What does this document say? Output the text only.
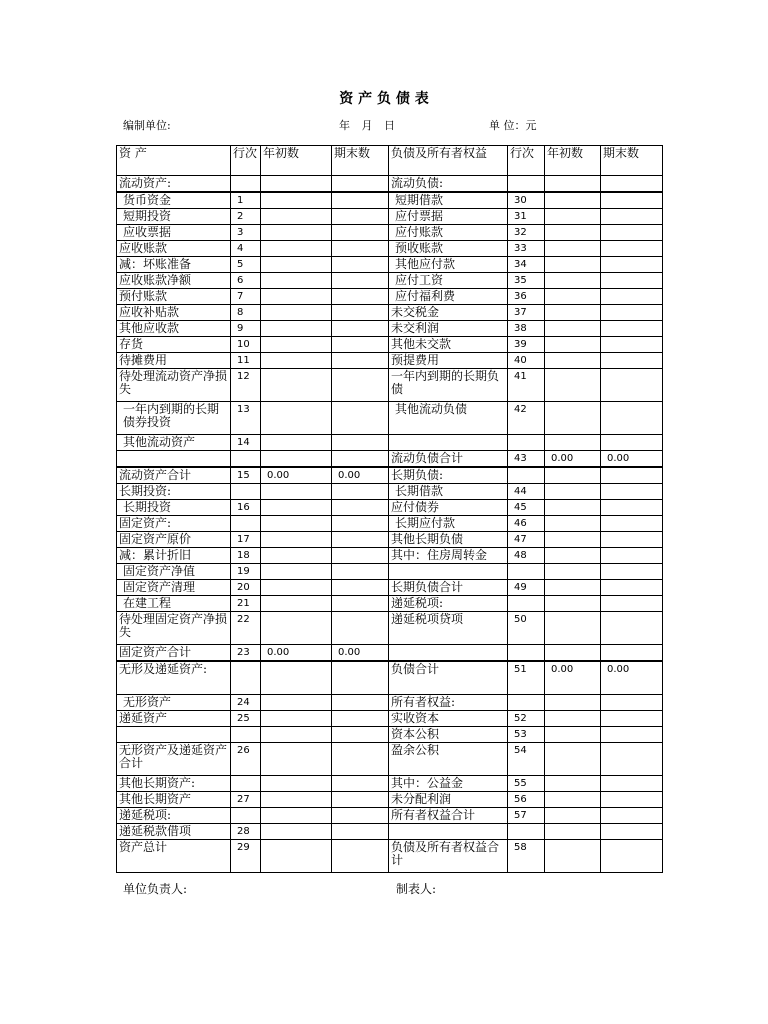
资 产 负 债 表
编制单位:	年 月 日	单 位：元
资 产	行次	年初数	期末数	负债及所有者权益	行次	年初数	期末数
流动资产:				流动负债:			
货币资金	1			短期借款	30		
短期投资	2			应付票据	31		
应收票据	3			应付账款	32		
应收账款	4			预收账款	33		
减：坏账准备	5			其他应付款	34		
应收账款净额	6			应付工资	35		
预付账款	7			应付福利费	36		
应收补贴款	8			未交税金	37		
其他应收款	9			未交利润	38		
存货	10			其他未交款	39		
待摊费用	11			预提费用	40		
待处理流动资产净损失	12			一年内到期的长期负债	41		
一年内到期的长期债券投资	13			其他流动负债	42		
其他流动资产	14						
				流动负债合计	43	0.00	0.00
流动资产合计	15	0.00	0.00	长期负债:			
长期投资:				长期借款	44		
长期投资	16			应付债券	45		
固定资产:				长期应付款	46		
固定资产原价	17			其他长期负债	47		
减：累计折旧	18			其中：住房周转金	48		
固定资产净值	19						
固定资产清理	20			长期负债合计	49		
在建工程	21			递延税项:			
待处理固定资产净损失	22			递延税项贷项	50		
固定资产合计	23	0.00	0.00				
无形及递延资产:				负债合计	51	0.00	0.00
无形资产	24			所有者权益:			
递延资产	25			实收资本	52		
				资本公积	53		
无形资产及递延资产合计	26			盈余公积	54		
其他长期资产:				其中：公益金	55		
其他长期资产	27			未分配利润	56		
递延税项:				所有者权益合计	57		
递延税款借项	28						
资产总计	29			负债及所有者权益合计	58		
单位负责人:	制表人:
